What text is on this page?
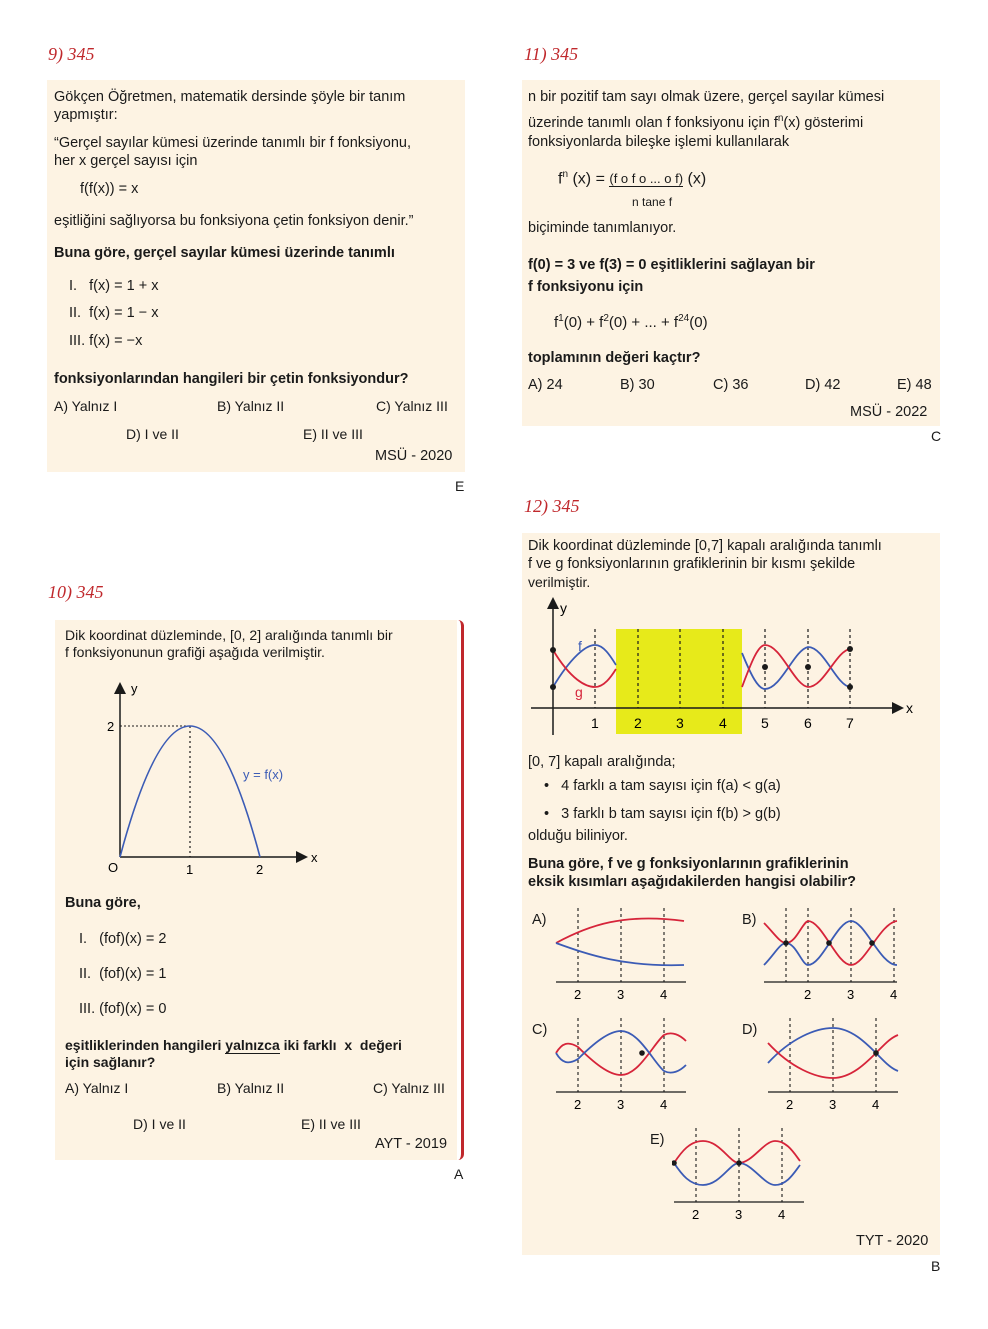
9) 345
Gökçen Öğretmen, matematik dersinde şöyle bir tanım
yapmıştır:
“Gerçel sayılar kümesi üzerinde tanımlı bir f fonksiyonu,
her x gerçel sayısı için
f(f(x)) = x
eşitliğini sağlıyorsa bu fonksiyona çetin fonksiyon denir.”
Buna göre, gerçel sayılar kümesi üzerinde tanımlı
I.   f(x) = 1 + x
II.  f(x) = 1 − x
III. f(x) = −x
fonksiyonlarından hangileri bir çetin fonksiyondur?
A) Yalnız I	B) Yalnız II	C) Yalnız III
D) I ve II	E) II ve III
MSÜ - 2020
E
10) 345
Dik koordinat düzleminde, [0, 2] aralığında tanımlı bir
f fonksiyonunun grafiği aşağıda verilmiştir.
y
x
O	1	2
2
y = f(x)
Buna göre,
I.   (fof)(x) = 2
II.  (fof)(x) = 1
III. (fof)(x) = 0
eşitliklerinden hangileri yalnızca iki farklı  x  değeri
için sağlanır?
A) Yalnız I	B) Yalnız II	C) Yalnız III
D) I ve II	E) II ve III
AYT - 2019
A
11) 345
n bir pozitif tam sayı olmak üzere, gerçel sayılar kümesi
üzerinde tanımlı olan f fonksiyonu için $f^n(x)$ gösterimi
fonksiyonlarda bileşke işlemi kullanılarak
$f^n$ (x) = (f o f o ... o f) (x)
n tane f
biçiminde tanımlanıyor.
f(0) = 3 ve f(3) = 0 eşitliklerini sağlayan bir
f fonksiyonu için
$f^1(0) + f^2(0)$ + ... + $f^{24}(0)$
toplamının değeri kaçtır?
A) 24	B) 30	C) 36	D) 42	E) 48
MSÜ - 2022
C
12) 345
Dik koordinat düzleminde [0,7] kapalı aralığında tanımlı
f ve g fonksiyonlarının grafiklerinin bir kısmı şekilde
verilmiştir.
y
x
f
g
1	2 3	4 5	6 7
[0, 7] kapalı aralığında;
•   4 farklı a tam sayısı için f(a) < g(a)
•   3 farklı b tam sayısı için f(b) > g(b)
olduğu biliniyor.
Buna göre, f ve g fonksiyonlarının grafiklerinin
eksik kısımları aşağıdakilerden hangisi olabilir?
A)
2	3	4
B)
2	3	4
C)
2	3	4
D)
2	3	4
E)
2	3	4
TYT - 2020
B
